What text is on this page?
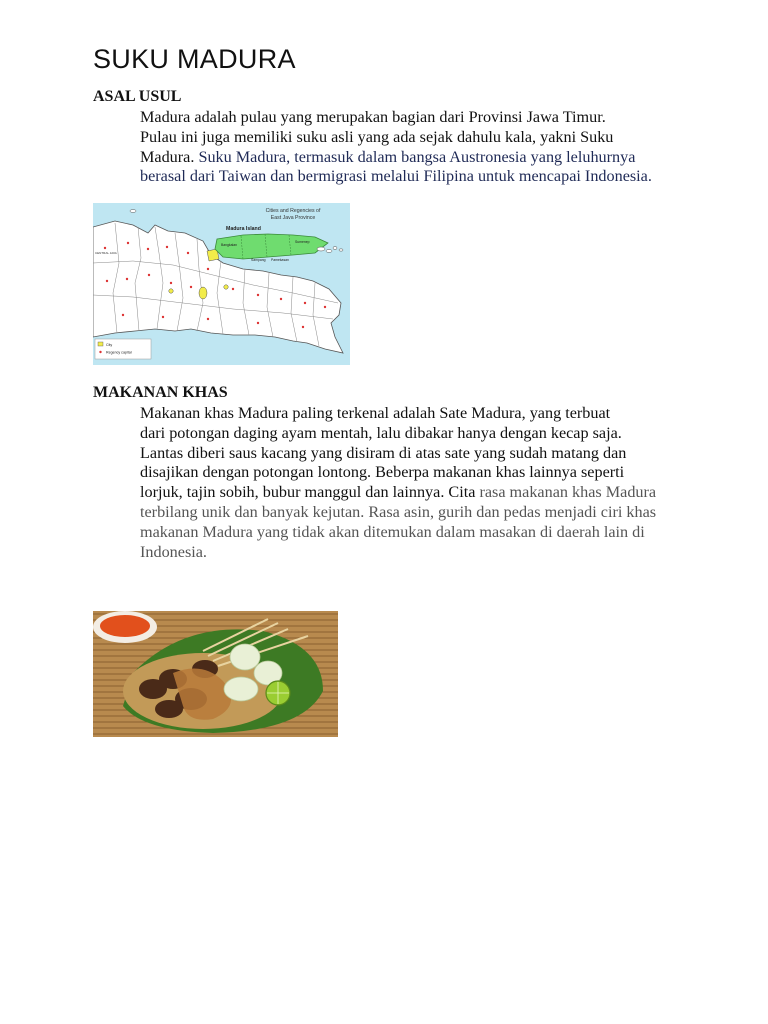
SUKU MADURA
ASAL USUL

Madura adalah pulau yang merupakan bagian dari Provinsi Jawa Timur.
Pulau ini juga memiliki suku asli yang ada sejak dahulu kala, yakni Suku
Madura. Suku Madura, termasuk dalam bangsa Austronesia yang leluhurnya
berasal dari Taiwan dan bermigrasi melalui Filipina untuk mencapai Indonesia.

Cities and Regencies of
East Java Province
Madura Island
Bangkalan
Sampang Pamekasan
Sumenep
CENTRAL JAVA
City
Regency capital
MAKANAN KHAS

Makanan khas Madura paling terkenal adalah Sate Madura, yang terbuat
dari potongan daging ayam mentah, lalu dibakar hanya dengan kecap saja.
Lantas diberi saus kacang yang disiram di atas sate yang sudah matang dan
disajikan dengan potongan lontong. Beberpa makanan khas lainnya seperti
lorjuk, tajin sobih, bubur manggul dan lainnya. Cita rasa makanan khas Madura
terbilang unik dan banyak kejutan. Rasa asin, gurih dan pedas menjadi ciri khas
makanan Madura yang tidak akan ditemukan dalam masakan di daerah lain di
Indonesia.
